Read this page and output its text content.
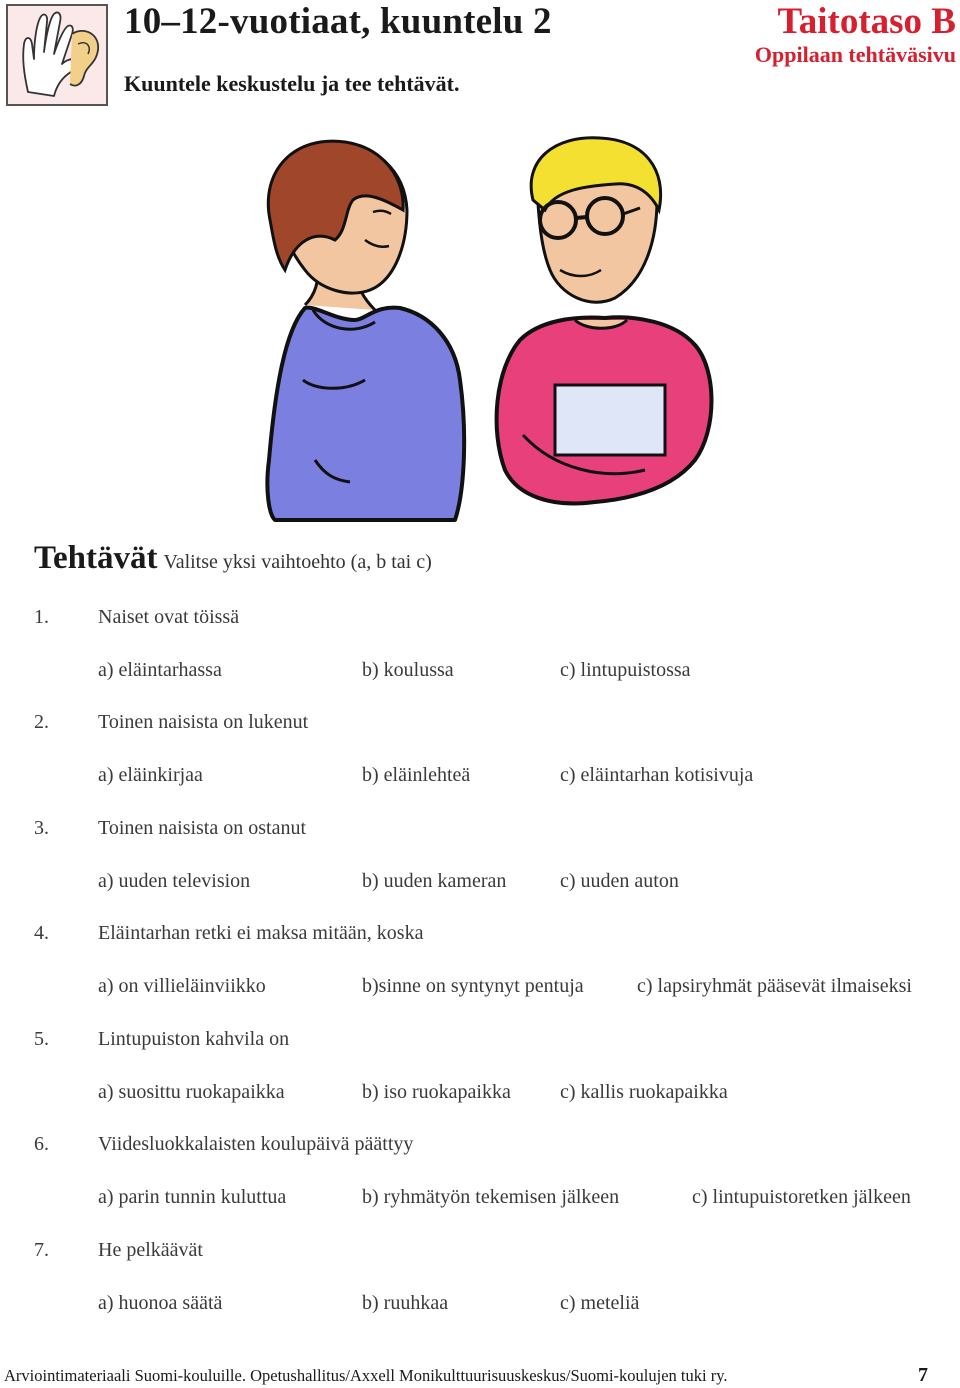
10–12-vuotiaat, kuuntelu 2
Kuuntele keskustelu ja tee tehtävät.
Taitotaso B
Oppilaan tehtäväsivu
Tehtävät Valitse yksi vaihtoehto (a, b tai c)
1. Naiset ovat töissä
a) eläintarhassa	b) koulussa	c) lintupuistossa
2. Toinen naisista on lukenut
a) eläinkirjaa	b) eläinlehteä	c) eläintarhan kotisivuja
3. Toinen naisista on ostanut
a) uuden television	b) uuden kameran	c) uuden auton
4. Eläintarhan retki ei maksa mitään, koska
a) on villieläinviikko	b)sinne on syntynyt pentuja	c) lapsiryhmät pääsevät ilmaiseksi
5. Lintupuiston kahvila on
a) suosittu ruokapaikka	b) iso ruokapaikka c) kallis ruokapaikka
6. Viidesluokkalaisten koulupäivä päättyy
a) parin tunnin kuluttua	b) ryhmätyön tekemisen jälkeen	c) lintupuistoretken jälkeen
7. He pelkäävät
a) huonoa säätä	b) ruuhkaa	c) meteliä
Arviointimateriaali Suomi-kouluille. Opetushallitus/Axxell Monikulttuurisuuskeskus/Suomi-koulujen tuki ry.	7
